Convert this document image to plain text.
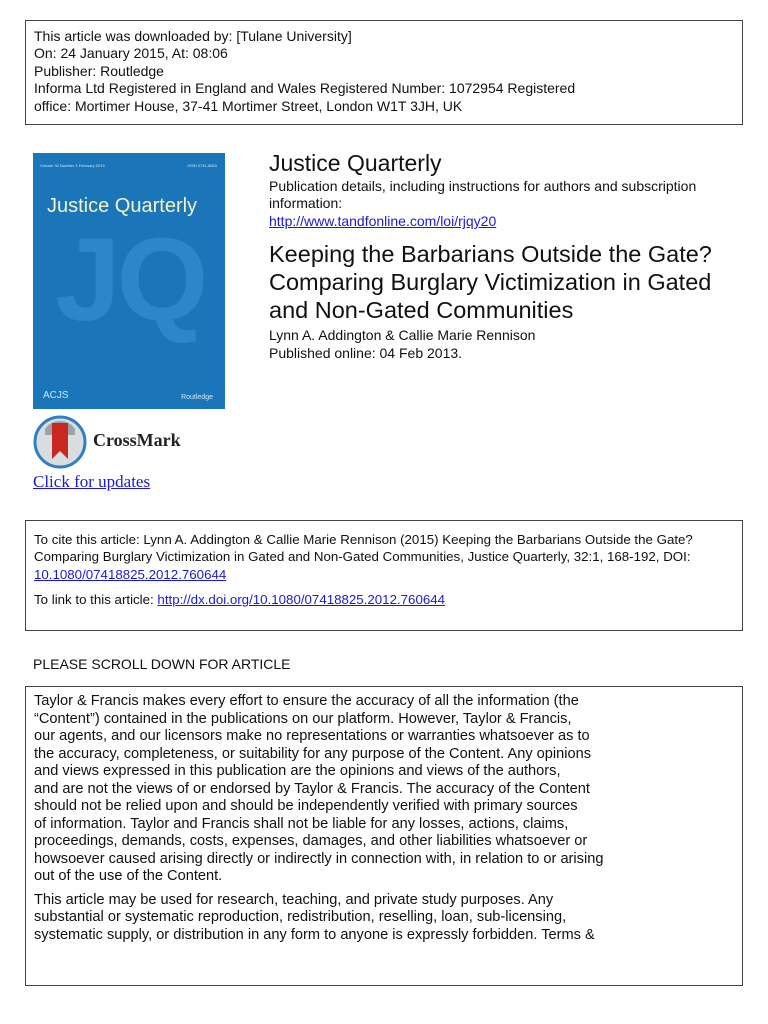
This article was downloaded by: [Tulane University]
On: 24 January 2015, At: 08:06
Publisher: Routledge
Informa Ltd Registered in England and Wales Registered Number: 1072954 Registered
office: Mortimer House, 37-41 Mortimer Street, London W1T 3JH, UK
Volume 32 Number 1 February 2015	ISSN 0741-8825
Justice Quarterly
JQ
ACJS	Routledge
Justice Quarterly
Publication details, including instructions for authors and subscription information:
http://www.tandfonline.com/loi/rjqy20
Keeping the Barbarians Outside the Gate? Comparing Burglary Victimization in Gated and Non-Gated Communities
Lynn A. Addington & Callie Marie Rennison
Published online: 04 Feb 2013.
CrossMark
Click for updates

To cite this article: Lynn A. Addington & Callie Marie Rennison (2015) Keeping the Barbarians Outside the Gate? Comparing Burglary Victimization in Gated and Non-Gated Communities, Justice Quarterly, 32:1, 168-192, DOI: 10.1080/07418825.2012.760644

To link to this article: http://dx.doi.org/10.1080/07418825.2012.760644

PLEASE SCROLL DOWN FOR ARTICLE

Taylor & Francis makes every effort to ensure the accuracy of all the information (the
“Content”) contained in the publications on our platform. However, Taylor & Francis,
our agents, and our licensors make no representations or warranties whatsoever as to
the accuracy, completeness, or suitability for any purpose of the Content. Any opinions
and views expressed in this publication are the opinions and views of the authors,
and are not the views of or endorsed by Taylor & Francis. The accuracy of the Content
should not be relied upon and should be independently verified with primary sources
of information. Taylor and Francis shall not be liable for any losses, actions, claims,
proceedings, demands, costs, expenses, damages, and other liabilities whatsoever or
howsoever caused arising directly or indirectly in connection with, in relation to or arising
out of the use of the Content.

This article may be used for research, teaching, and private study purposes. Any
substantial or systematic reproduction, redistribution, reselling, loan, sub-licensing,
systematic supply, or distribution in any form to anyone is expressly forbidden. Terms &
